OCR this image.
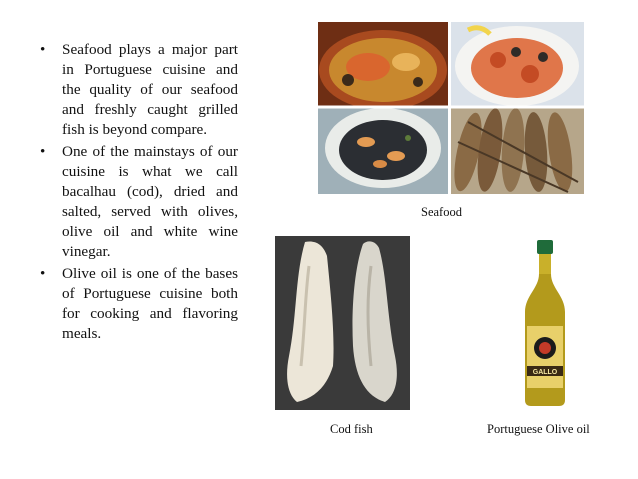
• Seafood plays a major part in Portuguese cuisine and the quality of our seafood and freshly caught grilled fish is beyond compare.
• One of the mainstays of our cuisine is what we call bacalhau (cod), dried and salted, served with olives, olive oil and white wine vinegar.
• Olive oil is one of the bases of Portuguese cuisine both for cooking and flavoring meals.
Seafood
Cod fish
GALLO
Portuguese Olive oil
